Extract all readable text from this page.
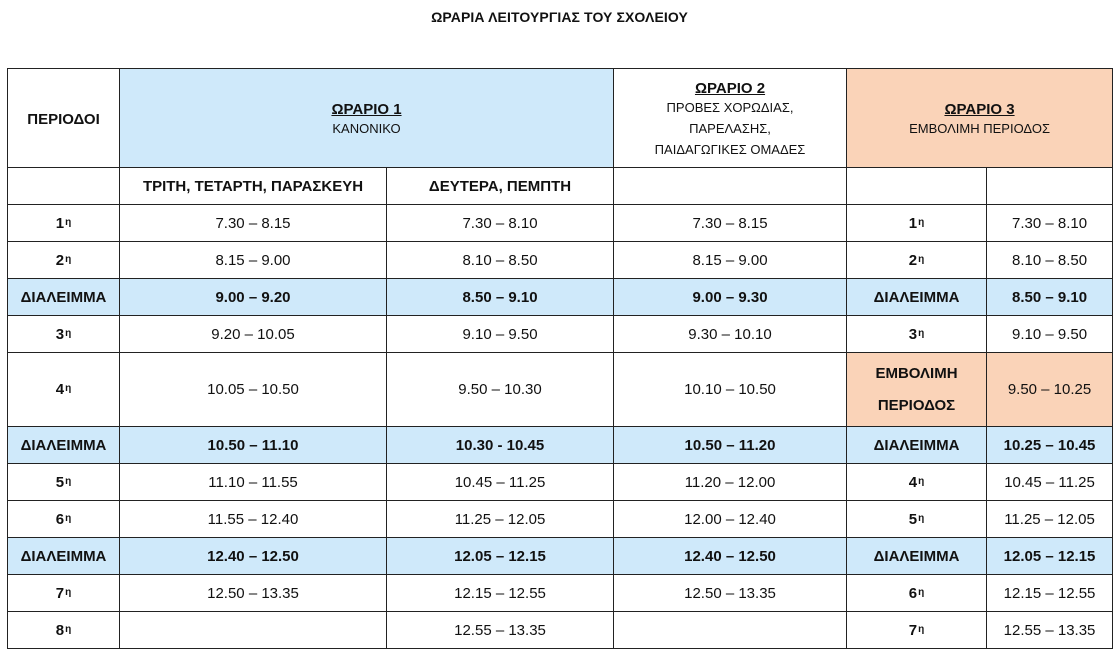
ΩΡΑΡΙΑ ΛΕΙΤΟΥΡΓΙΑΣ ΤΟΥ ΣΧΟΛΕΙΟΥ
ΠΕΡΙΟΔΟΙ	ΩΡΑΡΙΟ 1
ΚΑΝΟΝΙΚΟ		ΩΡΑΡΙΟ 2
ΠΡΟΒΕΣ ΧΟΡΩΔΙΑΣ,
ΠΑΡΕΛΑΣΗΣ,
ΠΑΙΔΑΓΩΓΙΚΕΣ ΟΜΑΔΕΣ	ΩΡΑΡΙΟ 3
ΕΜΒΟΛΙΜΗ ΠΕΡΙΟΔΟΣ	

	ΤΡΙΤΗ, ΤΕΤΑΡΤΗ, ΠΑΡΑΣΚΕΥΗ	ΔΕΥΤΕΡΑ, ΠΕΜΠΤΗ			
$1^\eta$	7.30 – 8.15	7.30 – 8.10	7.30 – 8.15	$1^\eta$	7.30 – 8.10
$2^\eta$	8.15 – 9.00	8.10 – 8.50	8.15 – 9.00	$2^\eta$	8.10 – 8.50
ΔΙΑΛΕΙΜΜΑ	9.00 – 9.20	8.50 – 9.10	9.00 – 9.30	ΔΙΑΛΕΙΜΜΑ	8.50 – 9.10
$3^\eta$	9.20 – 10.05	9.10 – 9.50	9.30 – 10.10	$3^\eta$	9.10 – 9.50
$4^\eta$	10.05 – 10.50	9.50 – 10.30	10.10 – 10.50	ΕΜΒΟΛΙΜΗ
ΠΕΡΙΟΔΟΣ	9.50 – 10.25
ΔΙΑΛΕΙΜΜΑ	10.50 – 11.10	10.30 - 10.45	10.50 – 11.20	ΔΙΑΛΕΙΜΜΑ	10.25 – 10.45
$5^\eta$	11.10 – 11.55	10.45 – 11.25	11.20 – 12.00	$4^\eta$	10.45 – 11.25
$6^\eta$	11.55 – 12.40	11.25 – 12.05	12.00 – 12.40	$5^\eta$	11.25 – 12.05
ΔΙΑΛΕΙΜΜΑ	12.40 – 12.50	12.05 – 12.15	12.40 – 12.50	ΔΙΑΛΕΙΜΜΑ	12.05 – 12.15
$7^\eta$	12.50 – 13.35	12.15 – 12.55	12.50 – 13.35	$6^\eta$	12.15 – 12.55
$8^\eta$		12.55 – 13.35		$7^\eta$	12.55 – 13.35
